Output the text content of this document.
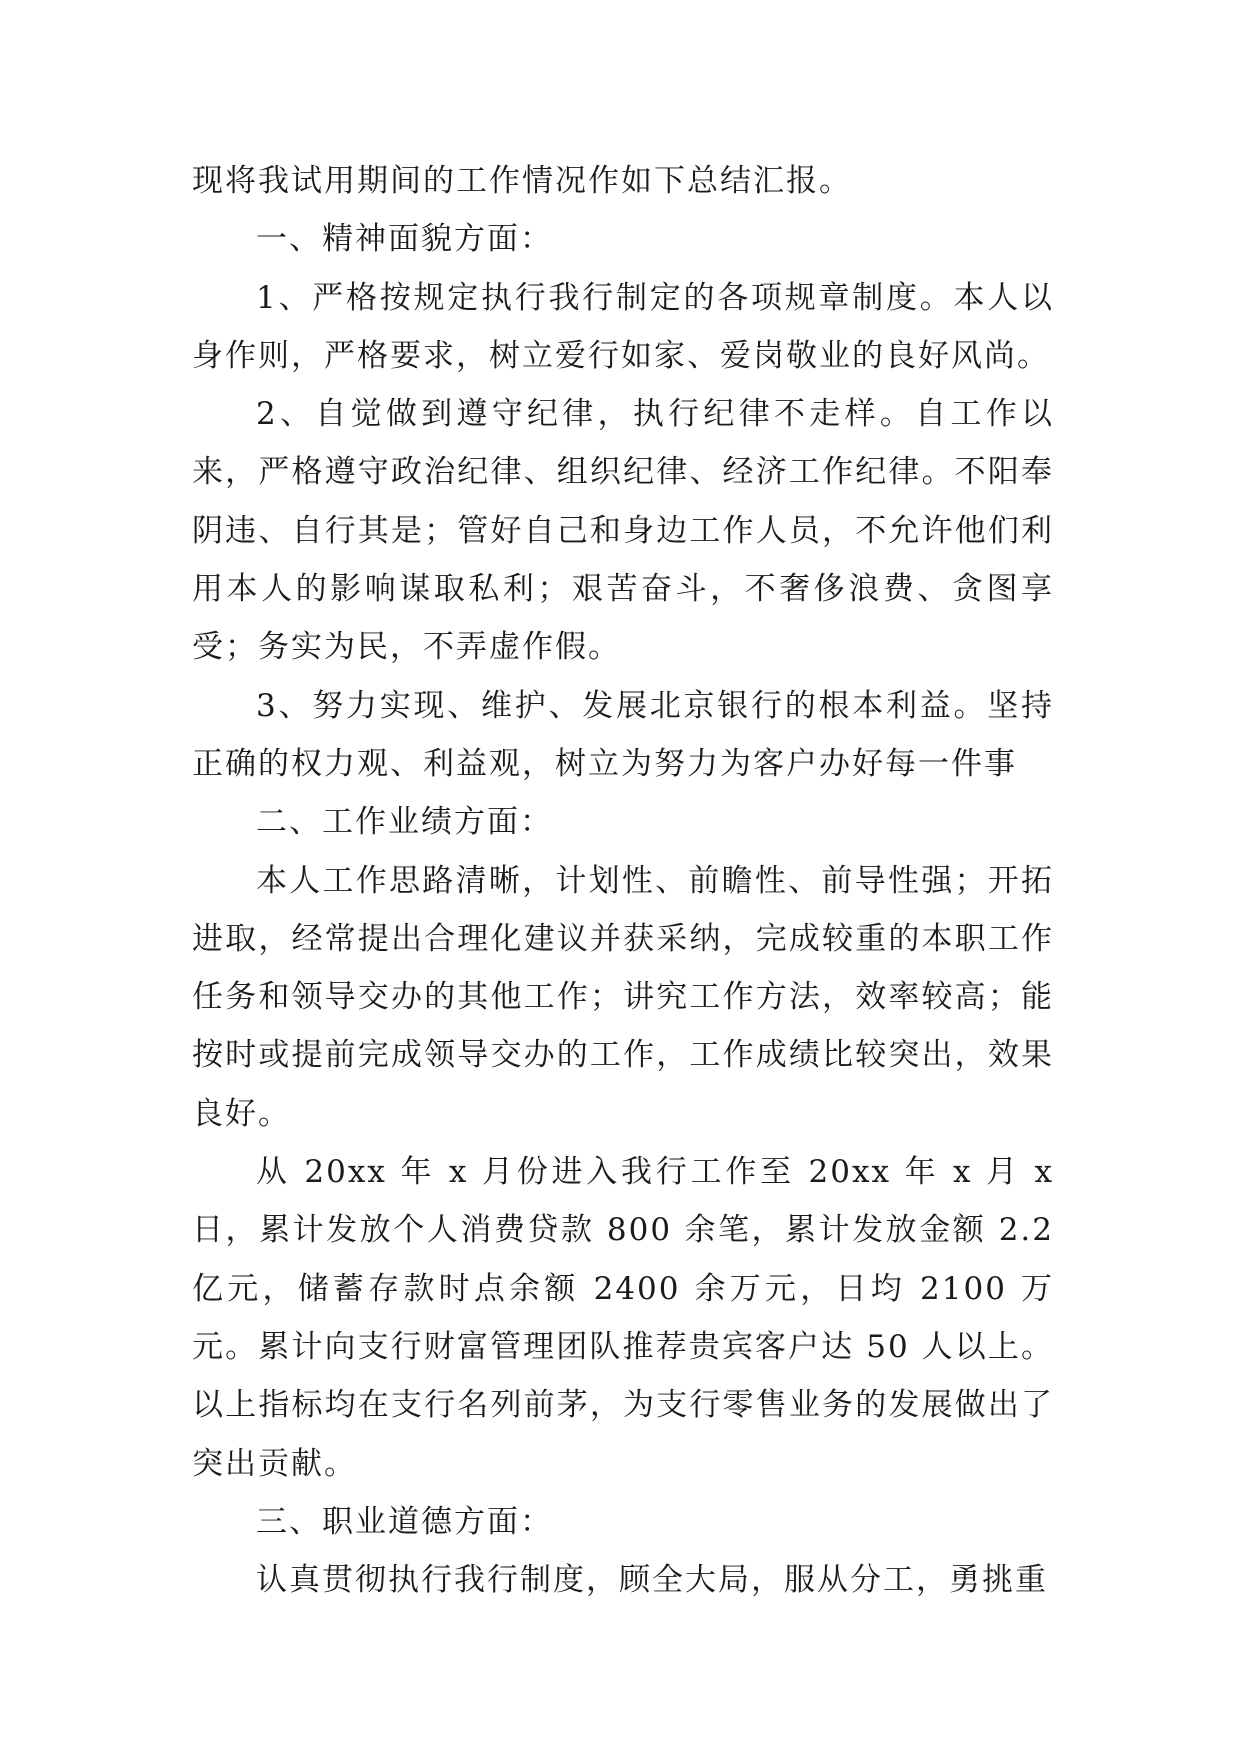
现将我试用期间的工作情况作如下总结汇报。

一、精神面貌方面：

1、严格按规定执行我行制定的各项规章制度。本人以身作则，严格要求，树立爱行如家、爱岗敬业的良好风尚。

2、自觉做到遵守纪律，执行纪律不走样。自工作以来，严格遵守政治纪律、组织纪律、经济工作纪律。不阳奉阴违、自行其是；管好自己和身边工作人员，不允许他们利用本人的影响谋取私利；艰苦奋斗，不奢侈浪费、贪图享受；务实为民，不弄虚作假。

3、努力实现、维护、发展北京银行的根本利益。坚持正确的权力观、利益观，树立为努力为客户办好每一件事

二、工作业绩方面：

本人工作思路清晰，计划性、前瞻性、前导性强；开拓进取，经常提出合理化建议并获采纳，完成较重的本职工作任务和领导交办的其他工作；讲究工作方法，效率较高；能按时或提前完成领导交办的工作，工作成绩比较突出，效果良好。

从 20xx 年 x 月份进入我行工作至 20xx 年 x 月 x 日，累计发放个人消费贷款 800 余笔，累计发放金额 2.2 亿元，储蓄存款时点余额 2400 余万元，日均 2100 万元。累计向支行财富管理团队推荐贵宾客户达 50 人以上。以上指标均在支行名列前茅，为支行零售业务的发展做出了突出贡献。

三、职业道德方面：

认真贯彻执行我行制度，顾全大局，服从分工，勇挑重
